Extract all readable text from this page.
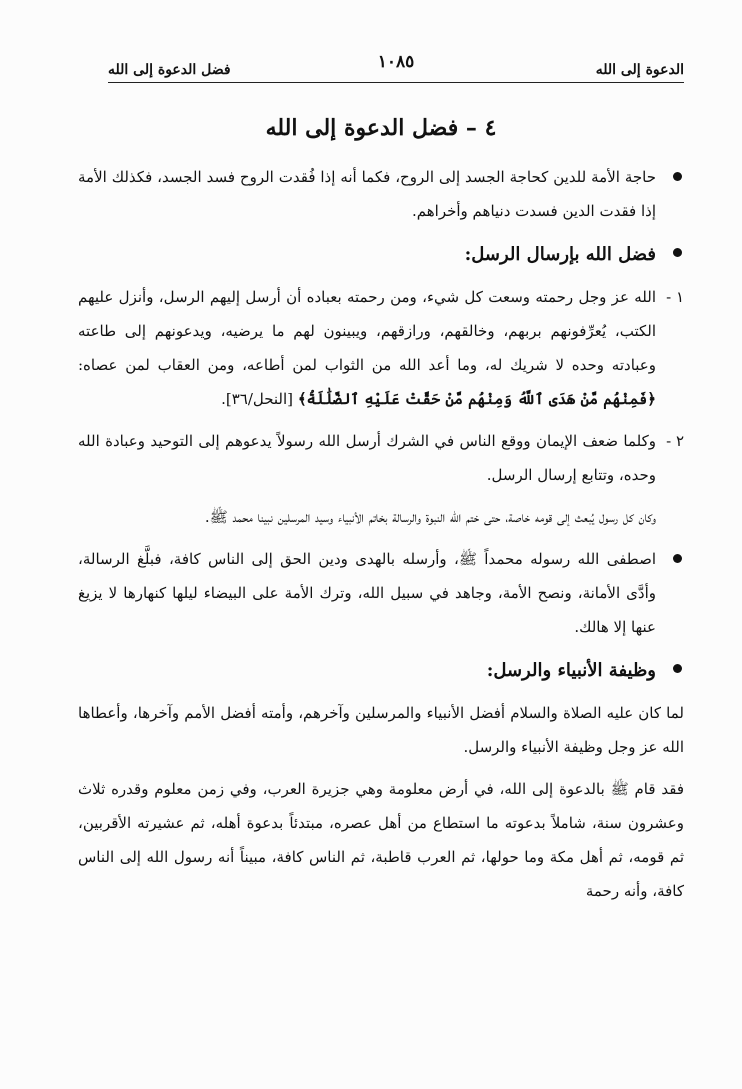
الدعوة إلى الله
١٠٨٥
فضل الدعوة إلى الله
٤ – فضل الدعوة إلى الله

حاجة الأمة للدين كحاجة الجسد إلى الروح، فكما أنه إذا فُقدت الروح فسد الجسد، فكذلك الأمة إذا فقدت الدين فسدت دنياهم وأخراهم.

فضل الله بإرسال الرسل:

١ -
الله عز وجل رحمته وسعت كل شيء، ومن رحمته بعباده أن أرسل إليهم الرسل، وأنزل عليهم الكتب، يُعرِّفونهم بربهم، وخالقهم، ورازقهم، ويبينون لهم ما يرضيه، ويدعونهم إلى طاعته وعبادته وحده لا شريك له، وما أعد الله من الثواب لمن أطاعه، ومن العقاب لمن عصاه: ﴿فَمِنْهُم مَّنْ هَدَى ٱللَّهُ وَمِنْهُم مَّنْ حَقَّتْ عَلَيْهِ ٱلضَّلَٰلَةُ﴾ [النحل/٣٦].

٢ -
وكلما ضعف الإيمان ووقع الناس في الشرك أرسل الله رسولاً يدعوهم إلى التوحيد وعبادة الله وحده، وتتابع إرسال الرسل.

وكان كل رسول يُبعث إلى قومه خاصة، حتى ختم الله النبوة والرسالة بخاتم الأنبياء وسيد المرسلين نبينا محمد ﷺ.

اصطفى الله رسوله محمداً ﷺ، وأرسله بالهدى ودين الحق إلى الناس كافة، فبلَّغ الرسالة، وأدَّى الأمانة، ونصح الأمة، وجاهد في سبيل الله، وترك الأمة على البيضاء ليلها كنهارها لا يزيغ عنها إلا هالك.

وظيفة الأنبياء والرسل:

لما كان عليه الصلاة والسلام أفضل الأنبياء والمرسلين وآخرهم، وأمته أفضل الأمم وآخرها، وأعطاها الله عز وجل وظيفة الأنبياء والرسل.

فقد قام ﷺ بالدعوة إلى الله، في أرض معلومة وهي جزيرة العرب، وفي زمن معلوم وقدره ثلاث وعشرون سنة، شاملاً بدعوته ما استطاع من أهل عصره، مبتدئاً بدعوة أهله، ثم عشيرته الأقربين، ثم قومه، ثم أهل مكة وما حولها، ثم العرب قاطبة، ثم الناس كافة، مبيناً أنه رسول الله إلى الناس كافة، وأنه رحمة
